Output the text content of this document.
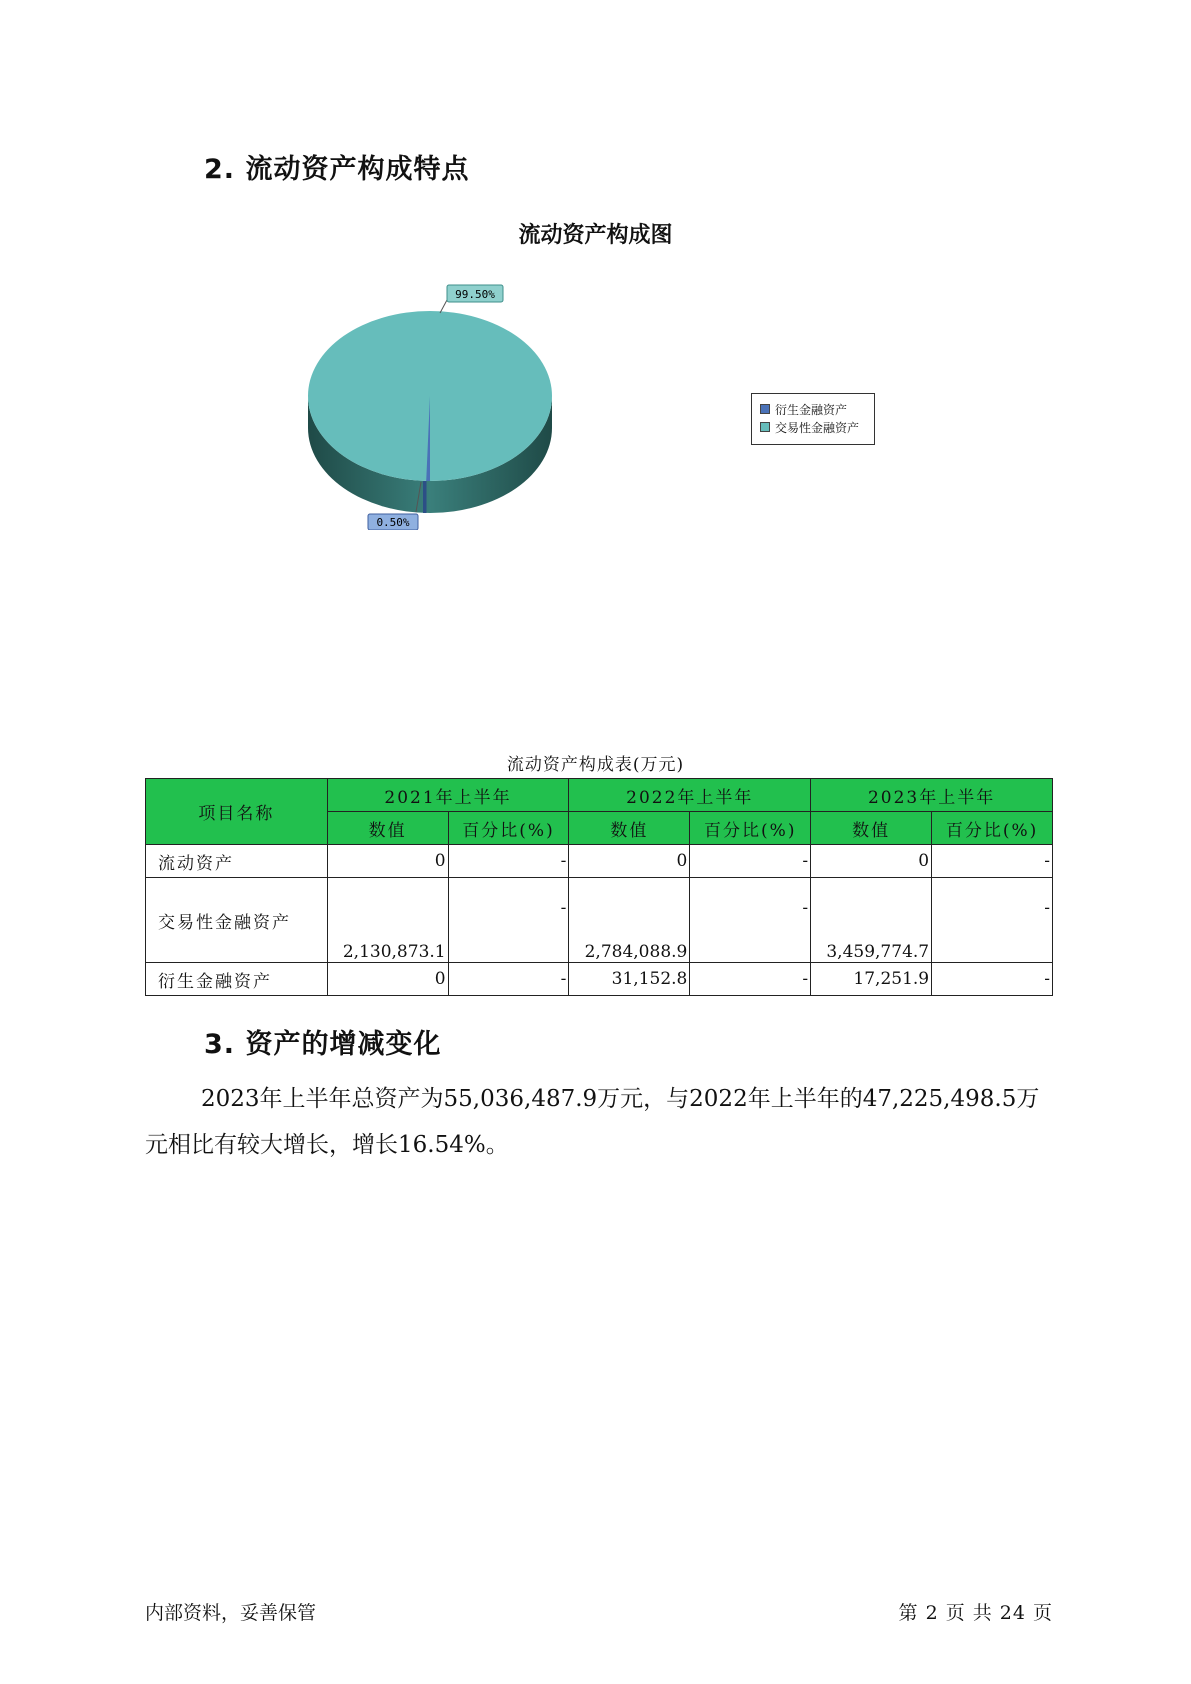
2. 流动资产构成特点
流动资产构成图
99.50%
0.50%
衍生金融资产
交易性金融资产
流动资产构成表(万元)
项目名称	2021年上半年		2022年上半年		2023年上半年	
	数值	百分比(%)	数值	百分比(%)	数值	百分比(%)
流动资产	0	-	0	-	0	-
交易性金融资产	2,130,873.1	-	2,784,088.9	-	3,459,774.7	-
衍生金融资产	0	-	31,152.8	-	17,251.9	-
3. 资产的增减变化
2023年上半年总资产为55,036,487.9万元，与2022年上半年的47,225,498.5万元相比有较大增长，增长16.54%。
内部资料，妥善保管	第 2 页 共 24 页
